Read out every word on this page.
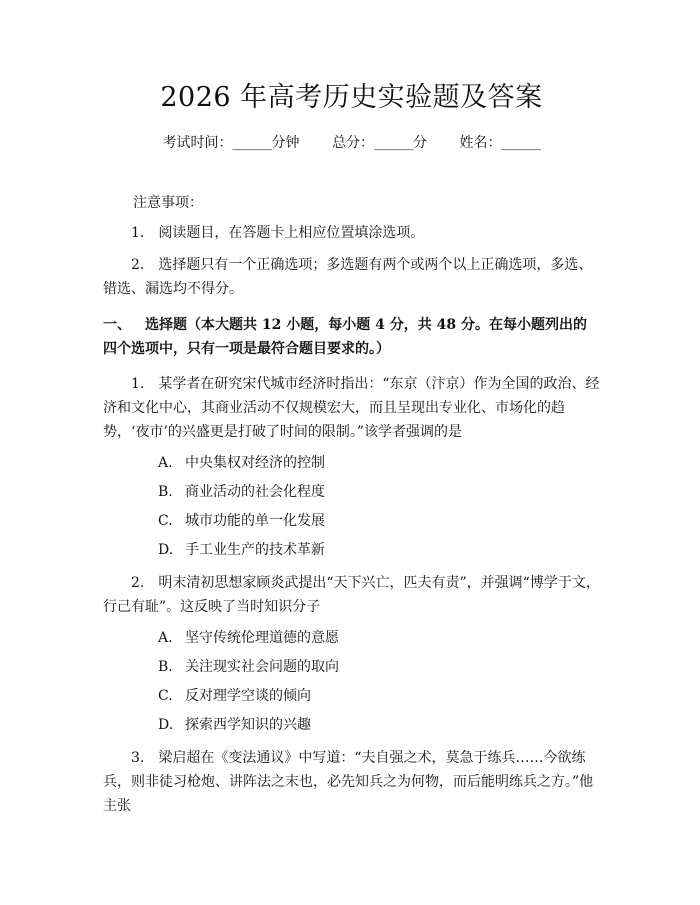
2026 年高考历史实验题及答案
考试时间：______分钟 总分：______分 姓名：______
注意事项：

1.　阅读题目，在答题卡上相应位置填涂选项。

2.　选择题只有一个正确选项；多选题有两个或两个以上正确选项，多选、错选、漏选均不得分。

一、 选择题（本大题共 12 小题，每小题 4 分，共 48 分。在每小题列出的四个选项中，只有一项是最符合题目要求的。）

1.　某学者在研究宋代城市经济时指出：“东京（汴京）作为全国的政治、经济和文化中心，其商业活动不仅规模宏大，而且呈现出专业化、市场化的趋势，‘夜市’的兴盛更是打破了时间的限制。”该学者强调的是

A. 中央集权对经济的控制
B. 商业活动的社会化程度
C. 城市功能的单一化发展
D. 手工业生产的技术革新

2.　明末清初思想家顾炎武提出“天下兴亡，匹夫有责”，并强调“博学于文，行己有耻”。这反映了当时知识分子

A. 坚守传统伦理道德的意愿
B. 关注现实社会问题的取向
C. 反对理学空谈的倾向
D. 探索西学知识的兴趣

3.　梁启超在《变法通议》中写道：“夫自强之术，莫急于练兵……今欲练兵，则非徒习枪炮、讲阵法之末也，必先知兵之为何物，而后能明练兵之方。”他主张
